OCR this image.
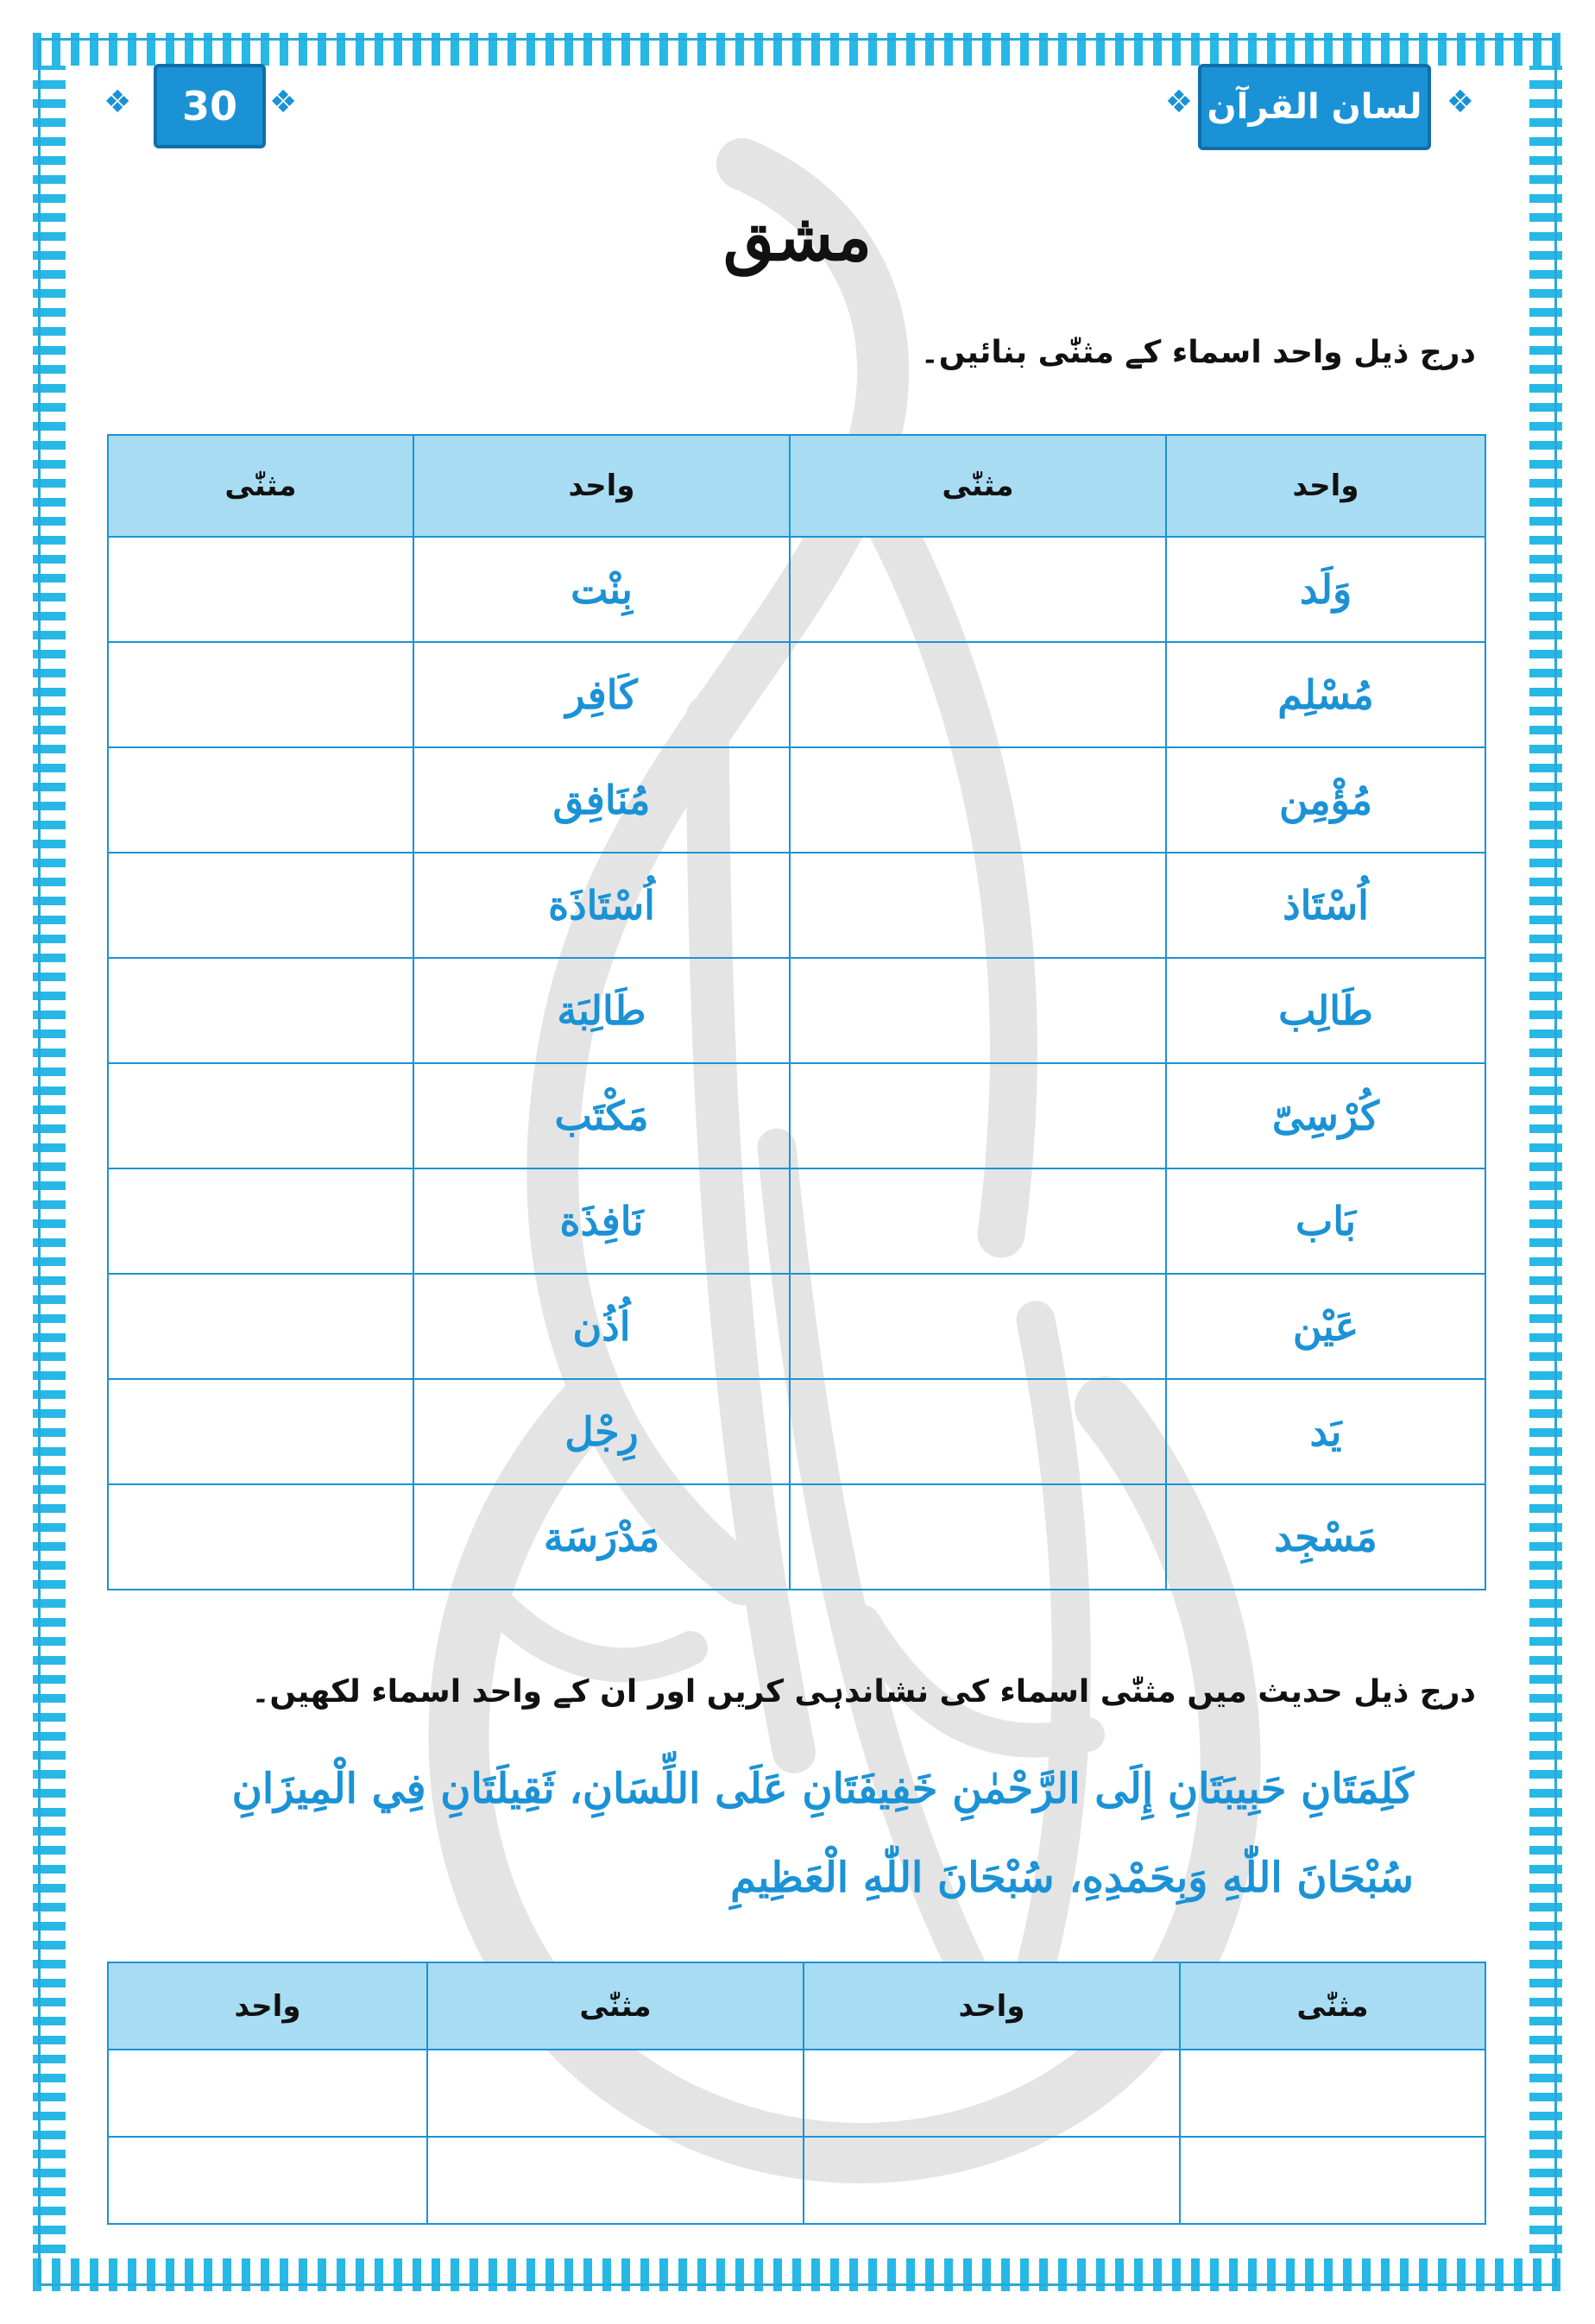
❖	❖
30	❖
❖ لسان القرآن
مشق
درج ذیل واحد اسماء کے مثنّٰی بنائیں۔
واحد	مثنّٰی	واحد	مثنّٰی
وَلَد		بِنْت	
مُسْلِم		کَافِر	
مُؤْمِن		مُنَافِق	
اُسْتَاذ		اُسْتَاذَة	
طَالِب		طَالِبَة	
کُرْسِیّ		مَکْتَب	
بَاب		نَافِذَة	
عَیْن		اُذُن	
یَد		رِجْل	
مَسْجِد		مَدْرَسَة	
درج ذیل حدیث میں مثنّٰی اسماء کی نشاندہی کریں اور ان کے واحد اسماء لکھیں۔
كَلِمَتَانِ حَبِيبَتَانِ إِلَى الرَّحْمٰنِ خَفِيفَتَانِ عَلَى اللِّسَانِ، ثَقِيلَتَانِ فِي الْمِيزَانِ
سُبْحَانَ اللّٰهِ وَبِحَمْدِهِ، سُبْحَانَ اللّٰهِ الْعَظِيمِ
مثنّٰی	واحد	مثنّٰی	واحد
